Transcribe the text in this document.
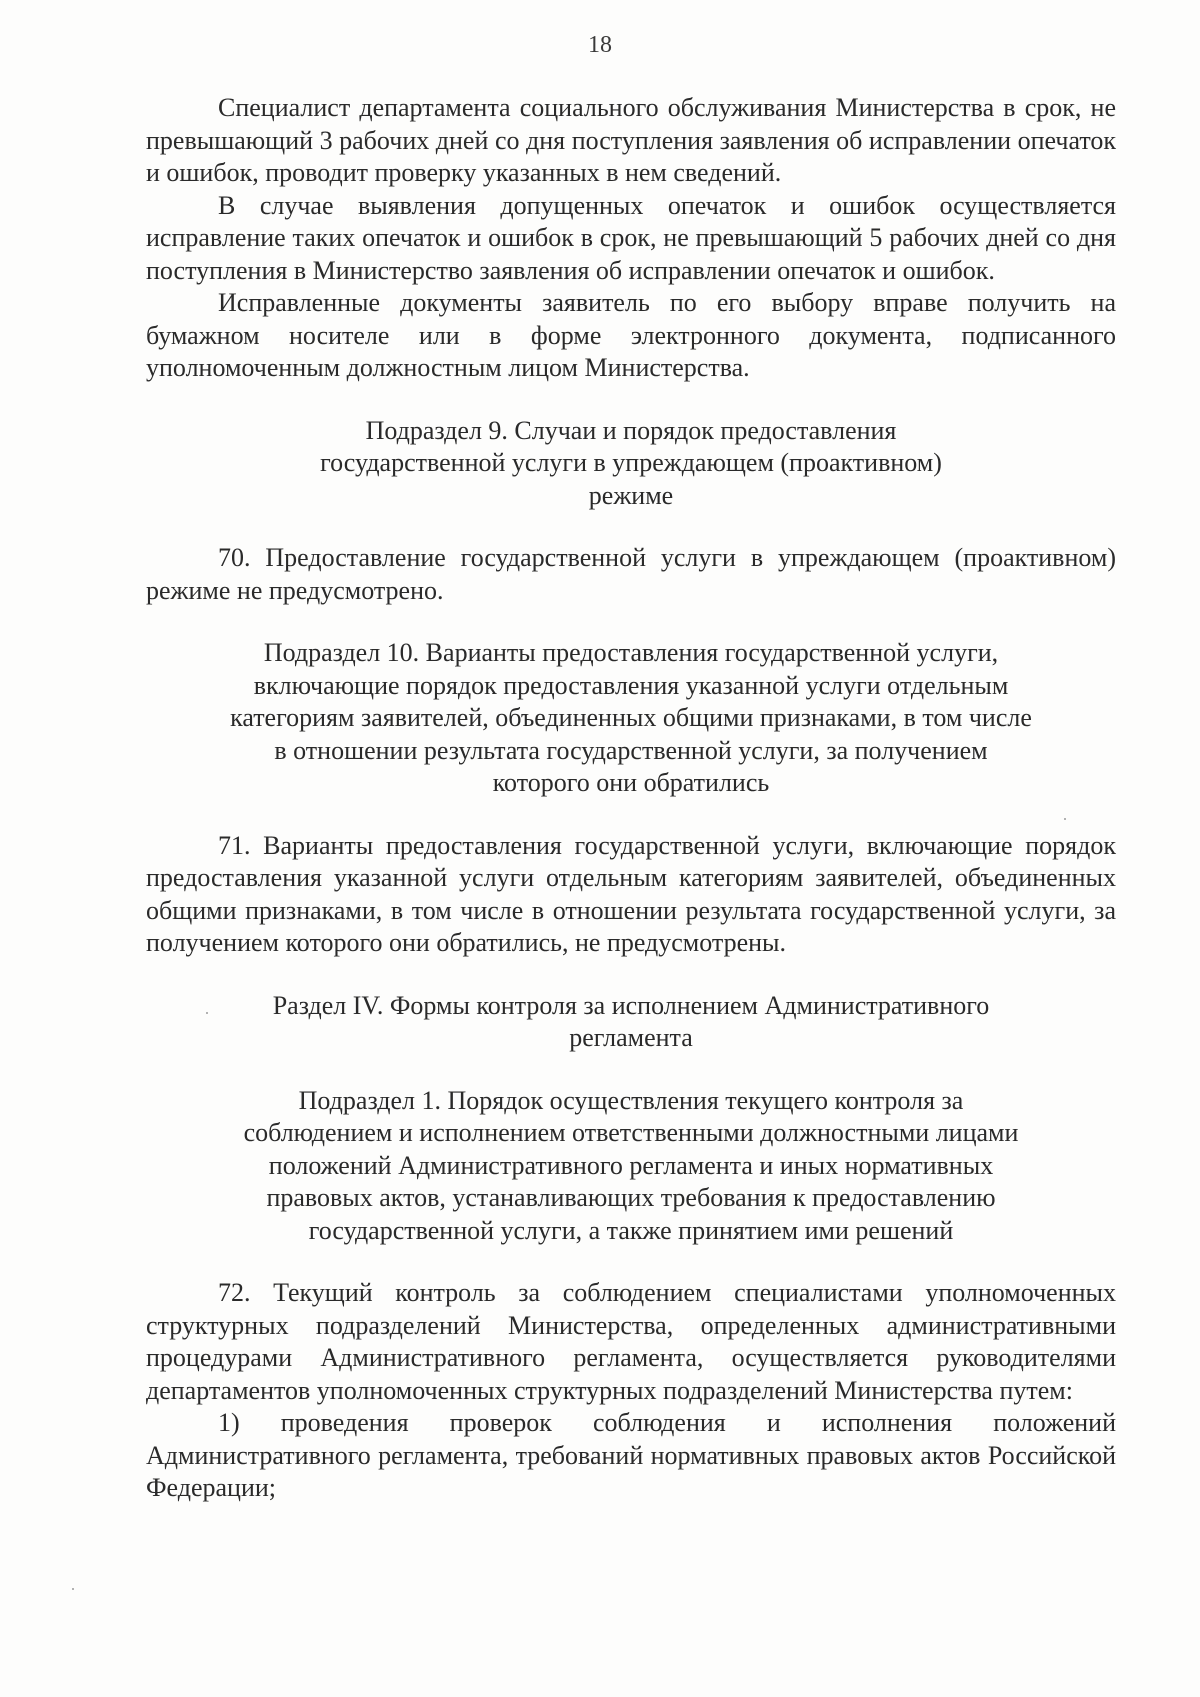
18

Специалист департамента социального обслуживания Министерства в срок, не превышающий 3 рабочих дней со дня поступления заявления об исправлении опечаток и ошибок, проводит проверку указанных в нем сведений.

В случае выявления допущенных опечаток и ошибок осуществляется исправление таких опечаток и ошибок в срок, не превышающий 5 рабочих дней со дня поступления в Министерство заявления об исправлении опечаток и ошибок.

Исправленные документы заявитель по его выбору вправе получить на бумажном носителе или в форме электронного документа, подписанного уполномоченным должностным лицом Министерства.

Подраздел 9. Случаи и порядок предоставления государственной услуги в упреждающем (проактивном) режиме

70. Предоставление государственной услуги в упреждающем (проактивном) режиме не предусмотрено.

Подраздел 10. Варианты предоставления государственной услуги, включающие порядок предоставления указанной услуги отдельным категориям заявителей, объединенных общими признаками, в том числе в отношении результата государственной услуги, за получением которого они обратились

71. Варианты предоставления государственной услуги, включающие порядок предоставления указанной услуги отдельным категориям заявителей, объединенных общими признаками, в том числе в отношении результата государственной услуги, за получением которого они обратились, не предусмотрены.

Раздел IV. Формы контроля за исполнением Административного регламента

Подраздел 1. Порядок осуществления текущего контроля за соблюдением и исполнением ответственными должностными лицами положений Административного регламента и иных нормативных правовых актов, устанавливающих требования к предоставлению государственной услуги, а также принятием ими решений

72. Текущий контроль за соблюдением специалистами уполномоченных структурных подразделений Министерства, определенных административными процедурами Административного регламента, осуществляется руководителями департаментов уполномоченных структурных подразделений Министерства путем:

1) проведения проверок соблюдения и исполнения положений Административного регламента, требований нормативных правовых актов Российской Федерации;
